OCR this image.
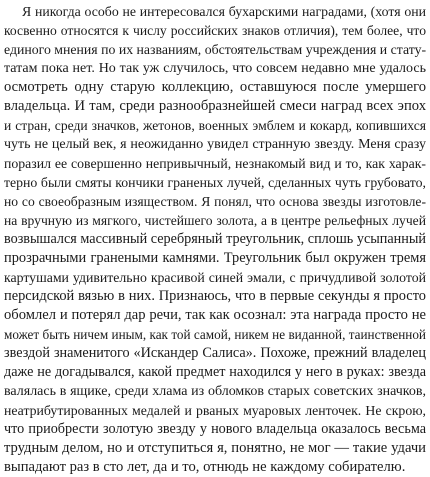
Я никогда особо не интересовался бухарскими наградами, (хотя они
косвенно относятся к числу российских знаков отличия), тем более, что
единого мнения по их названиям, обстоятельствам учреждения и стату-
татам пока нет. Но так уж случилось, что совсем недавно мне удалось
осмотреть одну старую коллекцию, оставшуюся после умершего
владельца. И там, среди разнообразнейшей смеси наград всех эпох
и стран, среди значков, жетонов, военных эмблем и кокард, копившихся
чуть не целый век, я неожиданно увидел странную звезду. Меня сразу
поразил ее совершенно непривычный, незнакомый вид и то, как харак-
терно были смяты кончики граненых лучей, сделанных чуть грубовато,
но со своеобразным изяществом. Я понял, что основа звезды изготовле-
на вручную из мягкого, чистейшего золота, а в центре рельефных лучей
возвышался массивный серебряный треугольник, сплошь усыпанный
прозрачными гранеными камнями. Треугольник был окружен тремя
картушами удивительно красивой синей эмали, с причудливой золотой
персидской вязью в них. Признаюсь, что в первые секунды я просто
обомлел и потерял дар речи, так как осознал: эта награда просто не
может быть ничем иным, как той самой, никем не виданной, таинственной
звездой знаменитого «Искандер Салиса». Похоже, прежний владелец
даже не догадывался, какой предмет находился у него в руках: звезда
валялась в ящике, среди хлама из обломков старых советских значков,
неатрибутированных медалей и рваных муаровых ленточек. Не скрою,
что приобрести золотую звезду у нового владельца оказалось весьма
трудным делом, но и отступиться я, понятно, не мог — такие удачи
выпадают раз в сто лет, да и то, отнюдь не каждому собирателю.
